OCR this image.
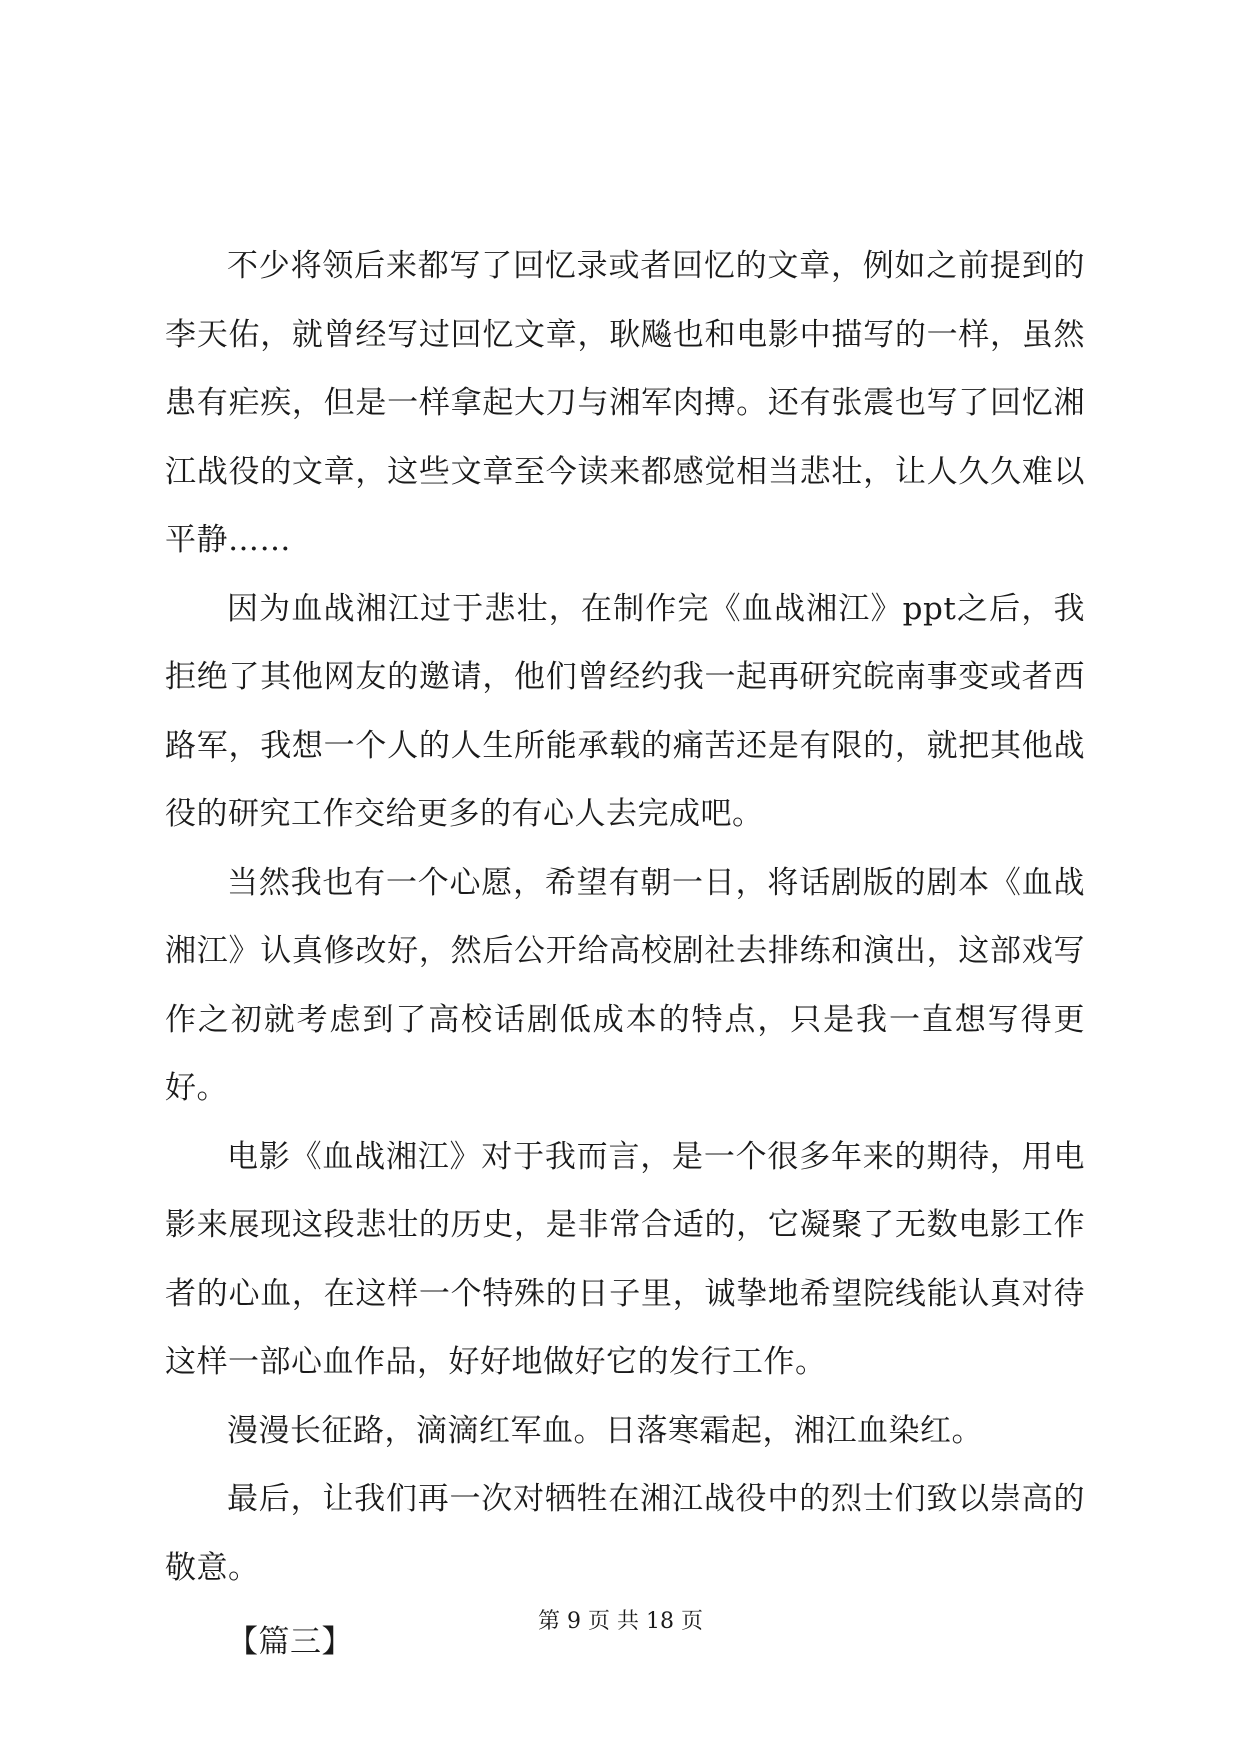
不少将领后来都写了回忆录或者回忆的文章，例如之前提到的李天佑，就曾经写过回忆文章，耿飚也和电影中描写的一样，虽然患有疟疾，但是一样拿起大刀与湘军肉搏。还有张震也写了回忆湘江战役的文章，这些文章至今读来都感觉相当悲壮，让人久久难以平静……

因为血战湘江过于悲壮，在制作完《血战湘江》ppt之后，我拒绝了其他网友的邀请，他们曾经约我一起再研究皖南事变或者西路军，我想一个人的人生所能承载的痛苦还是有限的，就把其他战役的研究工作交给更多的有心人去完成吧。

当然我也有一个心愿，希望有朝一日，将话剧版的剧本《血战湘江》认真修改好，然后公开给高校剧社去排练和演出，这部戏写作之初就考虑到了高校话剧低成本的特点，只是我一直想写得更好。

电影《血战湘江》对于我而言，是一个很多年来的期待，用电影来展现这段悲壮的历史，是非常合适的，它凝聚了无数电影工作者的心血，在这样一个特殊的日子里，诚挚地希望院线能认真对待这样一部心血作品，好好地做好它的发行工作。

漫漫长征路，滴滴红军血。日落寒霜起，湘江血染红。

最后，让我们再一次对牺牲在湘江战役中的烈士们致以崇高的敬意。

【篇三】

第 9 页 共 18 页
